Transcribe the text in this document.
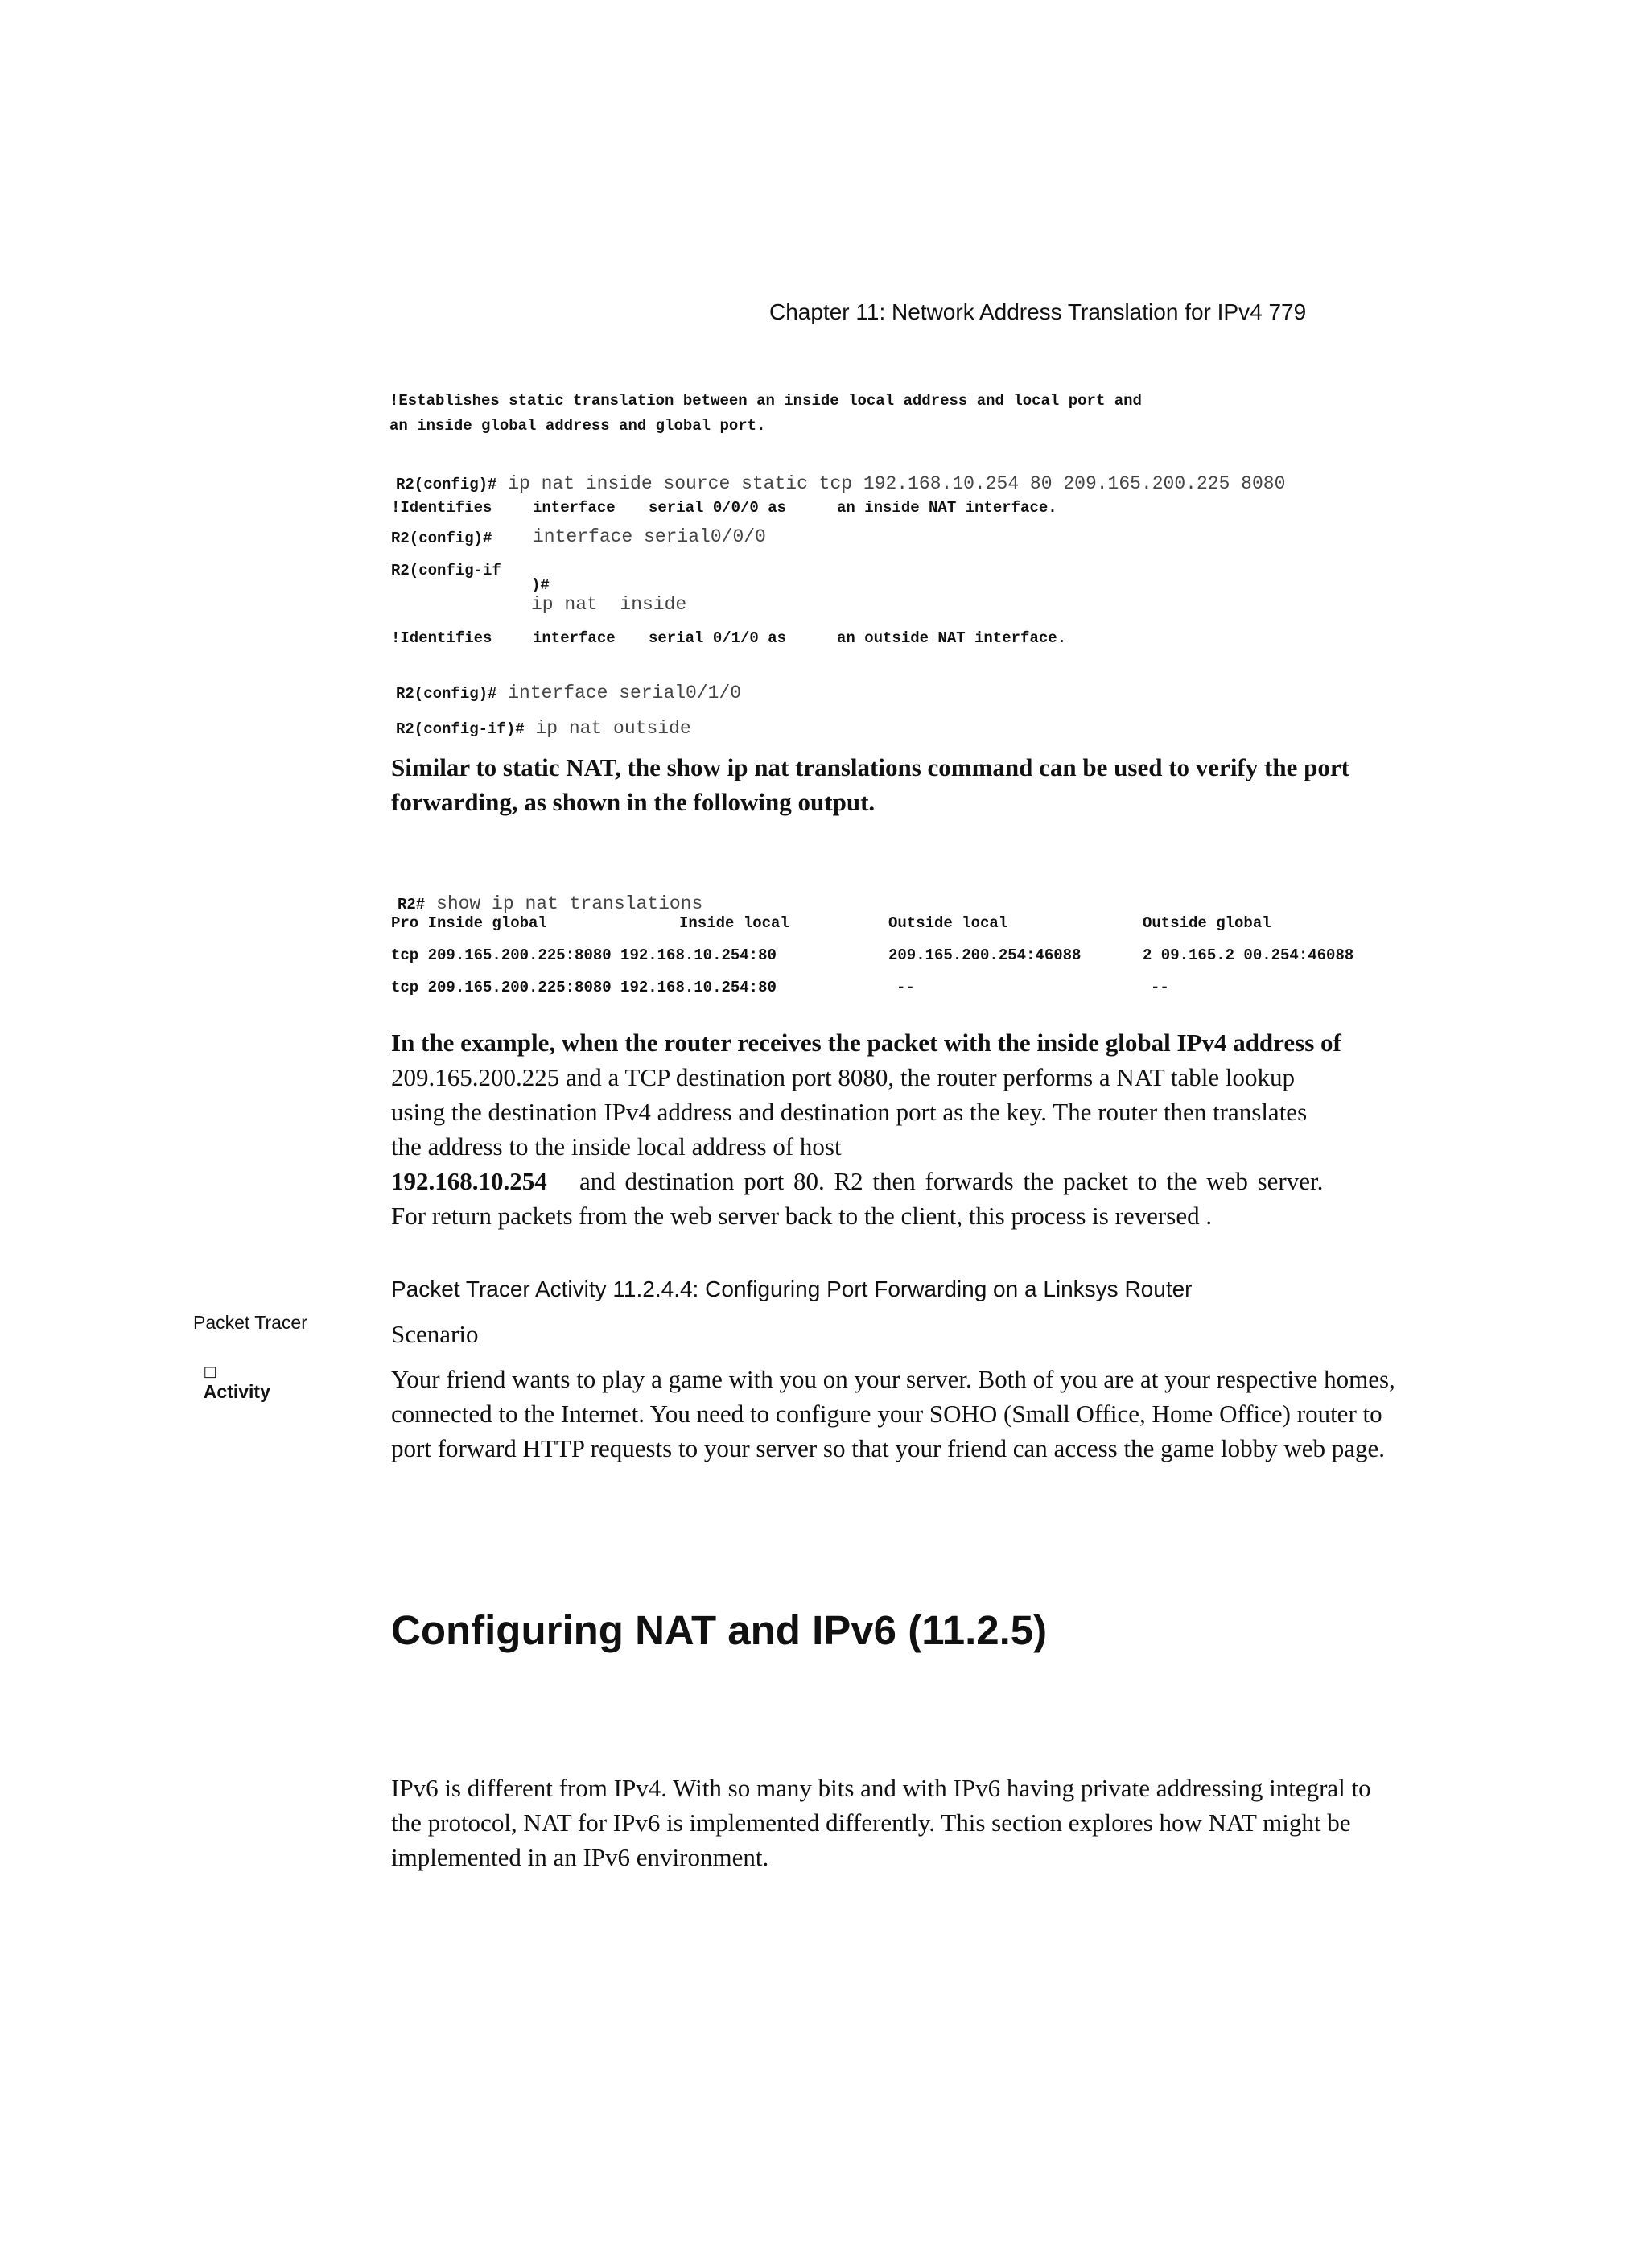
Chapter 11: Network Address Translation for IPv4 779
!Establishes static translation between an inside local address and local port and
an inside global address and global port.

R2(config)# ip nat inside source static tcp 192.168.10.254 80 209.165.200.225 8080

!Identifies	interface serial 0/0/0 as	an inside NAT interface.
R2(config)# interface serial0/0/0
R2(config-if

)#
ip nat  inside

!Identifies	interface serial 0/1/0 as	an outside NAT interface.

R2(config)# interface serial0/1/0

R2(config-if)# ip nat outside

Similar to static NAT, the show ip nat translations command can be used to verify the port forwarding, as shown in the following output.

R2# show ip nat translations

Pro Inside global	Inside local	Outside local	Outside global
tcp 209.165.200.225:8080 192.168.10.254:80	209.165.200.254:46088	2 09.165.2 00.254:46088
tcp 209.165.200.225:8080 192.168.10.254:80	--	--
In the example, when the router receives the packet with the inside global IPv4 address of
209.165.200.225 and a TCP destination port 8080, the router performs a NAT table lookup
using the destination IPv4 address and destination port as the key. The router then translates
the address to the inside local address of host
192.168.10.254 and destination port 80. R2 then forwards the packet to the web server.
For return packets from the web server back to the client, this process is reversed .
Packet Tracer Activity 11.2.4.4: Configuring Port Forwarding on a Linksys Router
Packet Tracer

□
Activity

Scenario
Your friend wants to play a game with you on your server. Both of you are at your respective homes, connected to the Internet. You need to configure your SOHO (Small Office, Home Office) router to port forward HTTP requests to your server so that your friend can access the game lobby web page.
Configuring NAT and IPv6 (11.2.5)
IPv6 is different from IPv4. With so many bits and with IPv6 having private addressing integral to the protocol, NAT for IPv6 is implemented differently. This section explores how NAT might be implemented in an IPv6 environment.
